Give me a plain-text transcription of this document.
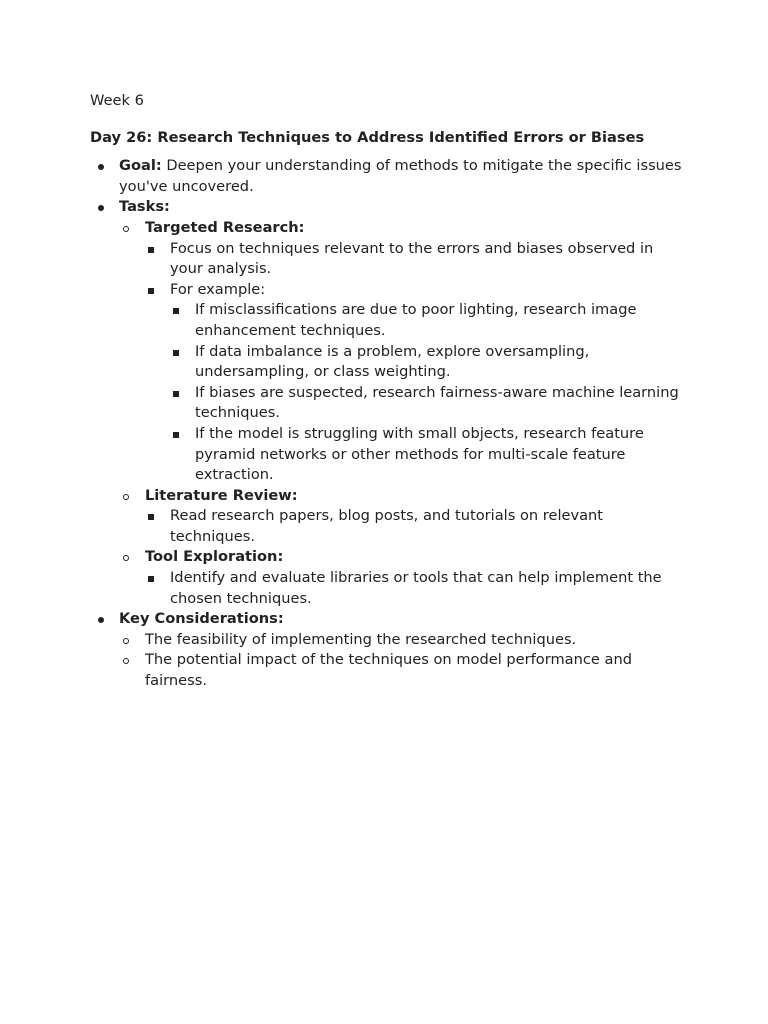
Week 6
Day 26: Research Techniques to Address Identified Errors or Biases
Goal: Deepen your understanding of methods to mitigate the specific issues you've uncovered.
Tasks:
Targeted Research:
Focus on techniques relevant to the errors and biases observed in your analysis.
For example:
If misclassifications are due to poor lighting, research image enhancement techniques.
If data imbalance is a problem, explore oversampling, undersampling, or class weighting.
If biases are suspected, research fairness-aware machine learning techniques.
If the model is struggling with small objects, research feature pyramid networks or other methods for multi-scale feature extraction.
Literature Review:
Read research papers, blog posts, and tutorials on relevant techniques.
Tool Exploration:
Identify and evaluate libraries or tools that can help implement the chosen techniques.
Key Considerations:
The feasibility of implementing the researched techniques.
The potential impact of the techniques on model performance and fairness.
